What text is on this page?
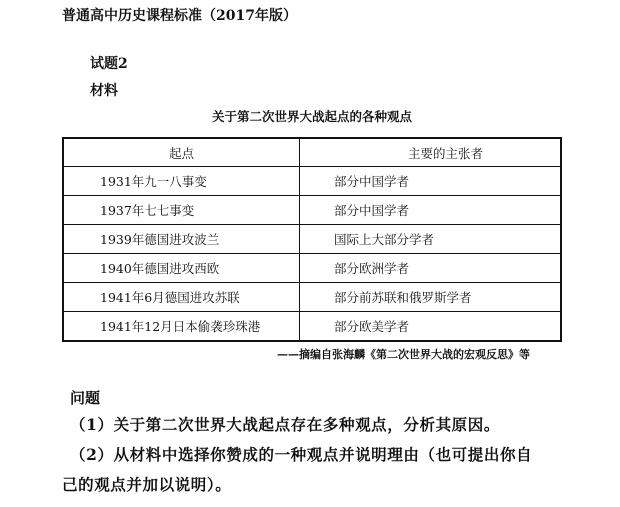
普通高中历史课程标准（2017年版）
试题2
材料
关于第二次世界大战起点的各种观点
起点	主要的主张者
1931年九一八事变	部分中国学者
1937年七七事变	部分中国学者
1939年德国进攻波兰	国际上大部分学者
1940年德国进攻西欧	部分欧洲学者
1941年6月德国进攻苏联	部分前苏联和俄罗斯学者
1941年12月日本偷袭珍珠港	部分欧美学者
——摘编自张海麟《第二次世界大战的宏观反思》等
问题
（1）关于第二次世界大战起点存在多种观点，分析其原因。
（2）从材料中选择你赞成的一种观点并说明理由（也可提出你自
己的观点并加以说明）。
